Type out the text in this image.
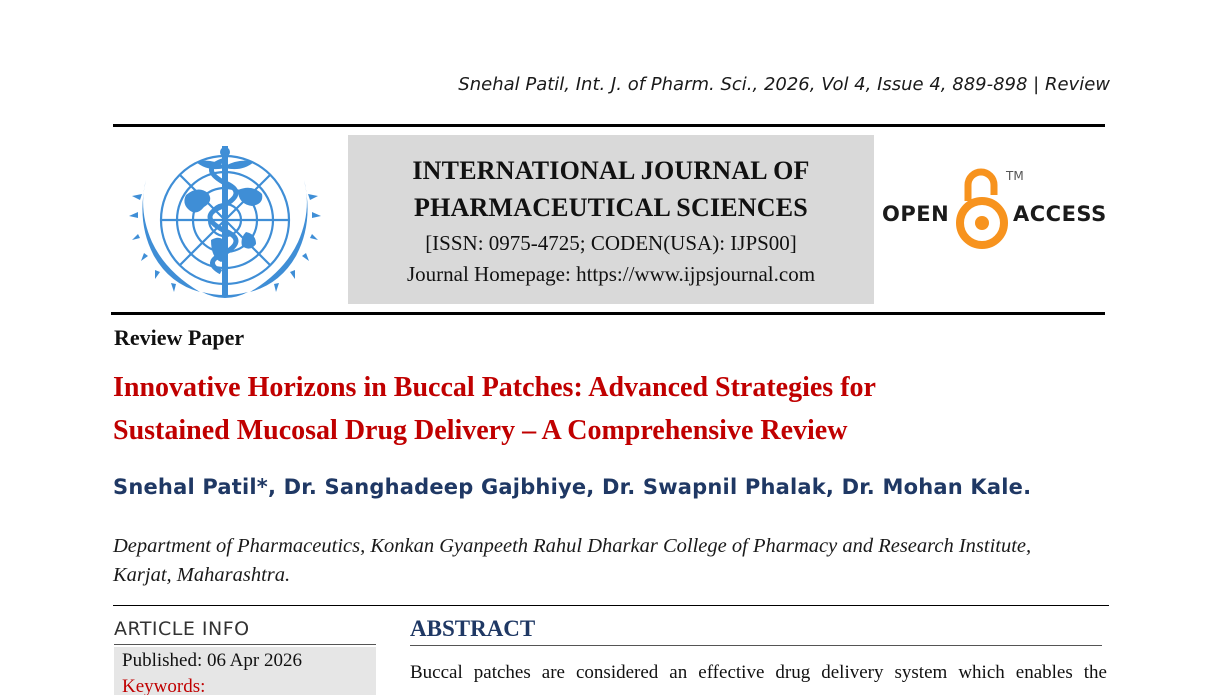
Snehal Patil, Int. J. of Pharm. Sci., 2026, Vol 4, Issue 4, 889-898 | Review
INTERNATIONAL JOURNAL OF
PHARMACEUTICAL SCIENCES
[ISSN: 0975-4725; CODEN(USA): IJPS00]
Journal Homepage: https://www.ijpsjournal.com
OPEN
TM
ACCESS
Review Paper
Innovative Horizons in Buccal Patches: Advanced Strategies for
Sustained Mucosal Drug Delivery – A Comprehensive Review
Snehal Patil*, Dr. Sanghadeep Gajbhiye, Dr. Swapnil Phalak, Dr. Mohan Kale.
Department of Pharmaceutics, Konkan Gyanpeeth Rahul Dharkar College of Pharmacy and Research Institute,
Karjat, Maharashtra.
ARTICLE INFO
Published: 06 Apr 2026
Keywords:
ABSTRACT
Buccal patches are considered an effective drug delivery system which enables the
